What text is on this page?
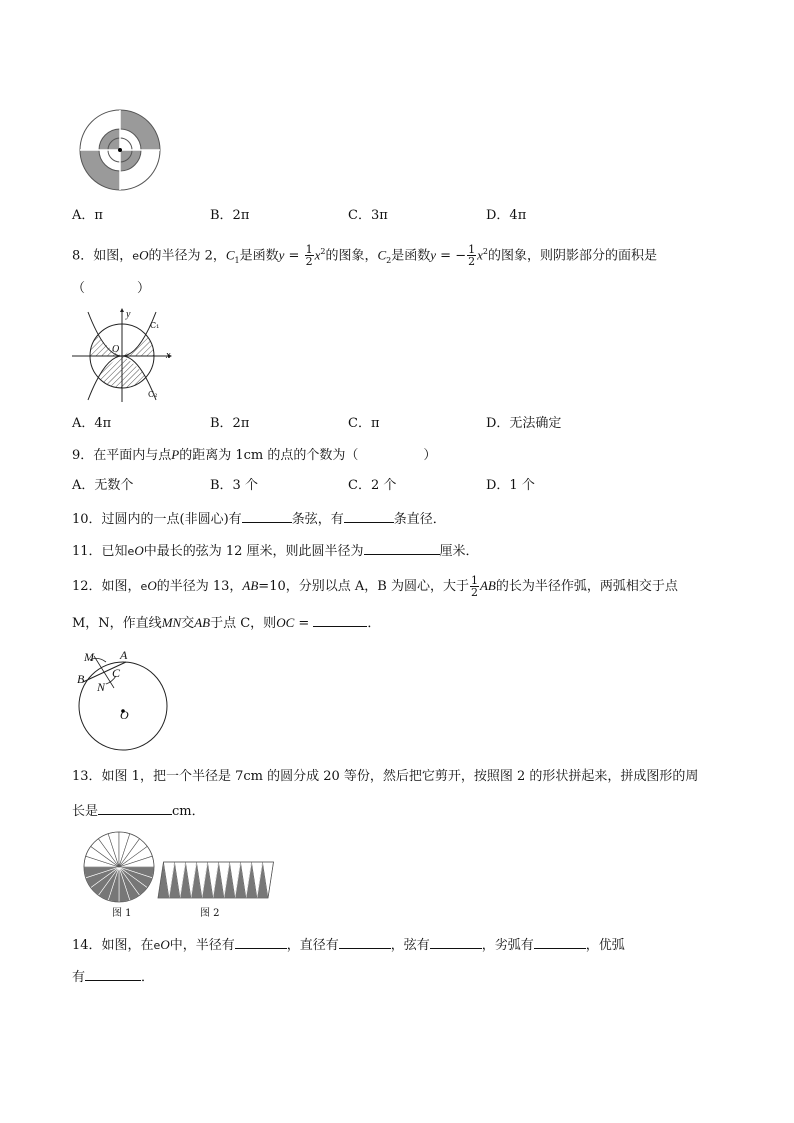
A．π	B．2π	C．3π	D．4π
8．如图，eO的半径为 2，$C_1$是函数$y = \frac{1}{2} x^2$的图象，$C_2$是函数y = − $\frac{1}{2} x^2$的图象，则阴影部分的面积是
（　　　　）
y
x
O
C₁
C₂
A．4π	B．2π	C．π	D．无法确定
9．在平面内与点P的距离为 1cm 的点的个数为（　　　　　）
A．无数个	B．3 个	C．2 个	D．1 个
10．过圆内的一点(非圆心)有	条弦，有	条直径．
11．已知eO中最长的弦为 12 厘米，则此圆半径为	厘米．
12．如图，eO的半径为 13，AB=10，分别以点 A，B 为圆心，大于 $\frac{1}{2}$ AB的长为半径作弧，两弧相交于点
M，N，作直线MN交AB于点 C，则OC =	．
M A
B C
N
O
13．如图 1，把一个半径是 7cm 的圆分成 20 等份，然后把它剪开，按照图 2 的形状拼起来，拼成图形的周
长是	cm．
图 1	图 2
14．如图，在eO中，半径有	，直径有	，弦有	，劣弧有	，优弧
有	．
